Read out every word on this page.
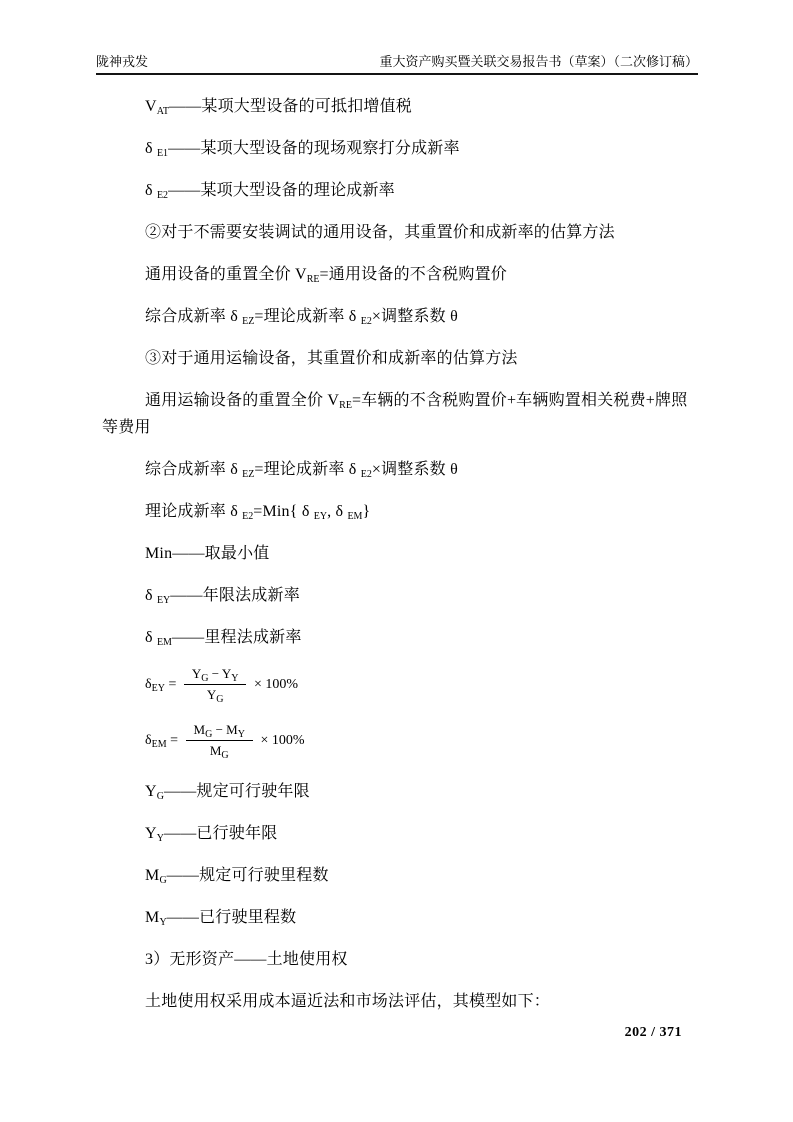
陇神戎发	重大资产购买暨关联交易报告书（草案）（二次修订稿）
$V_{AT}——$某项大型设备的可抵扣增值税
δ $_{E1}$——某项大型设备的现场观察打分成新率
δ $_{E2}$——某项大型设备的理论成新率
②对于不需要安装调试的通用设备，其重置价和成新率的估算方法
通用设备的重置全价 $V_{RE}=$通用设备的不含税购置价
综合成新率 δ $_{EZ}$=理论成新率 δ $_{E2}$×调整系数 θ
③对于通用运输设备，其重置价和成新率的估算方法
通用运输设备的重置全价 $V_{RE}=$车辆的不含税购置价+车辆购置相关税费+牌照等费用
综合成新率 δ $_{EZ}$=理论成新率 δ $_{E2}$×调整系数 θ
理论成新率 δ $_{E2}$=Min{ δ $_{EY}$, δ $_{EM}$}
Min——取最小值
δ $_{EY}$——年限法成新率
δ $_{EM}$——里程法成新率
$\delta_{EY} = \frac{Y_G - Y_Y}{Y_G} \times 100\%$
$\delta_{EM} = \frac{M_G - M_Y}{M_G} \times 100\%$
$Y_G——$规定可行驶年限
$Y_Y——$已行驶年限
$M_G——$规定可行驶里程数
$M_Y——$已行驶里程数
3）无形资产——土地使用权
土地使用权采用成本逼近法和市场法评估，其模型如下：
202 / 371
